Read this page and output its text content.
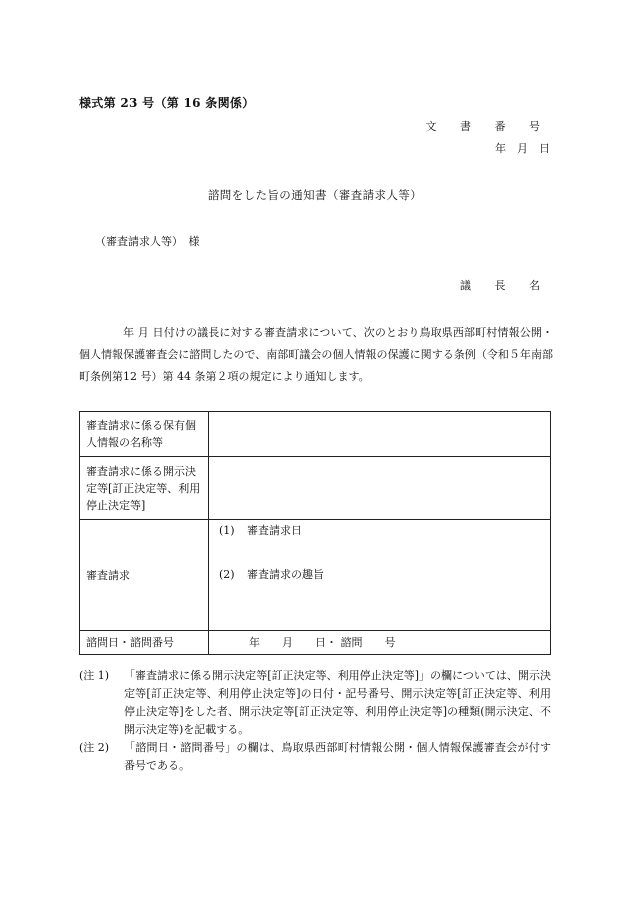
様式第 23 号（第 16 条関係）
文 書 番 号
年　月　日
諮問をした旨の通知書（審査請求人等）
（審査請求人等）　様
議 長 名
年 月 日付けの議長に対する審査請求について、次のとおり鳥取県西部町村情報公開・個人情報保護審査会に諮問したので、南部町議会の個人情報の保護に関する条例（令和５年南部町条例第12 号）第 44 条第２項の規定により通知します。
審査請求に係る保有個人情報の名称等	
審査請求に係る開示決定等[訂正決定等、利用停止決定等]	
審査請求	(1) 審査請求日
(2) 審査請求の趣旨

諮問日・諮問番号	年　　月　　日・ 諮問　　号
(注 1)	「審査請求に係る開示決定等[訂正決定等、利用停止決定等]」の欄については、開示決定等[訂正決定等、利用停止決定等]の日付・記号番号、開示決定等[訂正決定等、利用停止決定等]をした者、開示決定等[訂正決定等、利用停止決定等]の種類(開示決定、不開示決定等)を記載する。
(注 2)	「諮問日・諮問番号」の欄は、鳥取県西部町村情報公開・個人情報保護審査会が付す番号である。
